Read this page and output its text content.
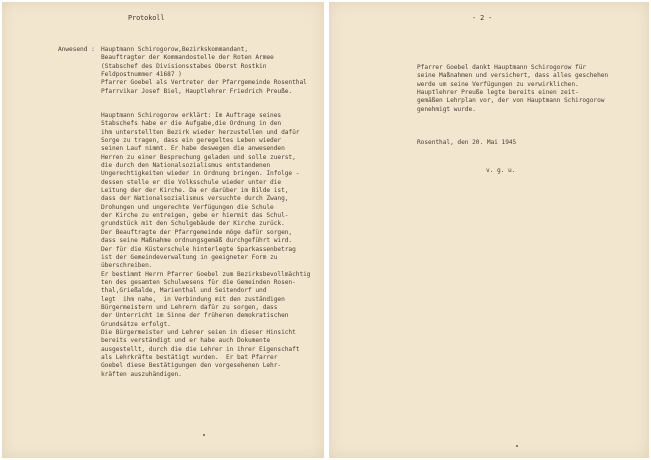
Protokoll
Anwesend : Hauptmann Schirogorow,Bezirkskommandant,
Beauftragter der Kommandostelle der Roten Armee
(Stabschef des Divisionsstabes Oberst Rostkin
Feldpostnummer 41687 )
Pfarrer Goebel als Vertreter der Pfarrgemeinde Rosenthal
Pfarrvikar Josef Biel, Hauptlehrer Friedrich Preuße.
Hauptmann Schirogorow erklärt: Im Auftrage seines
Stabschefs habe er die Aufgabe,die Ordnung in den
ihm unterstellten Bezirk wieder herzustellen und dafür
Sorge zu tragen, dass ein geregeltes Leben wieder
seinen Lauf nimmt. Er habe deswegen die anwesenden
Herren zu einer Besprechung geladen und solle zuerst,
die durch den Nationalsozialismus entstandenen
Ungerechtigkeiten wieder in Ordnung bringen. Infolge -
dessen stelle er die Volksschule wieder unter die
Leitung der der Kirche. Da er darüber im Bilde ist,
dass der Nationalsozialismus versuchte durch Zwang,
Drohungen und ungerechte Verfügungen die Schule
der Kirche zu entreigen, gebe er hiermit das Schul-
grundstück mit den Schulgebäude der Kirche zurück.
Der Beauftragte der Pfarrgemeinde möge dafür sorgen,
dass seine Maßnahme ordnungsgemäß durchgeführt wird.
Der für die Küsterschule hinterlegte Sparkassenbetrag
ist der Gemeindeverwaltung in geeigneter Form zu
überschreiben.
Er bestimmt Herrn Pfarrer Goebel zum Bezirksbevollmächtig
ten des gesamten Schulwesens für die Gemeinden Rosen-
thal,Grießalde, Marienthal und Seitendorf und
legt  ihm nahe,  in Verbindung mit den zuständigen
Bürgermeistern und Lehrern dafür zu sorgen, dass
der Unterricht im Sinne der früheren demokratischen
Grundsätze erfolgt.
Die Bürgermeister und Lehrer seien in dieser Hinsicht
bereits verständigt und er habe auch Dokumente
ausgestellt, durch die die Lehrer in ihrer Eigenschaft
als Lehrkräfte bestätigt wurden.  Er bat Pfarrer
Goebel diese Bestätigungen den vorgesehenen Lehr-
kräften auszuhändigen.
- 2 -
Pfarrer Goebel dankt Hauptmann Schirogorow für
seine Maßnahmen und versichert, dass alles geschehen
werde um seine Verfügungen zu verwirklichen.
Hauptlehrer Preuße legte bereits einen zeit-
gemäßen Lehrplan vor, der von Hauptmann Schirogorow
genehmigt wurde.
Rosenthal, den 20. Mai 1945
v. g. u.
